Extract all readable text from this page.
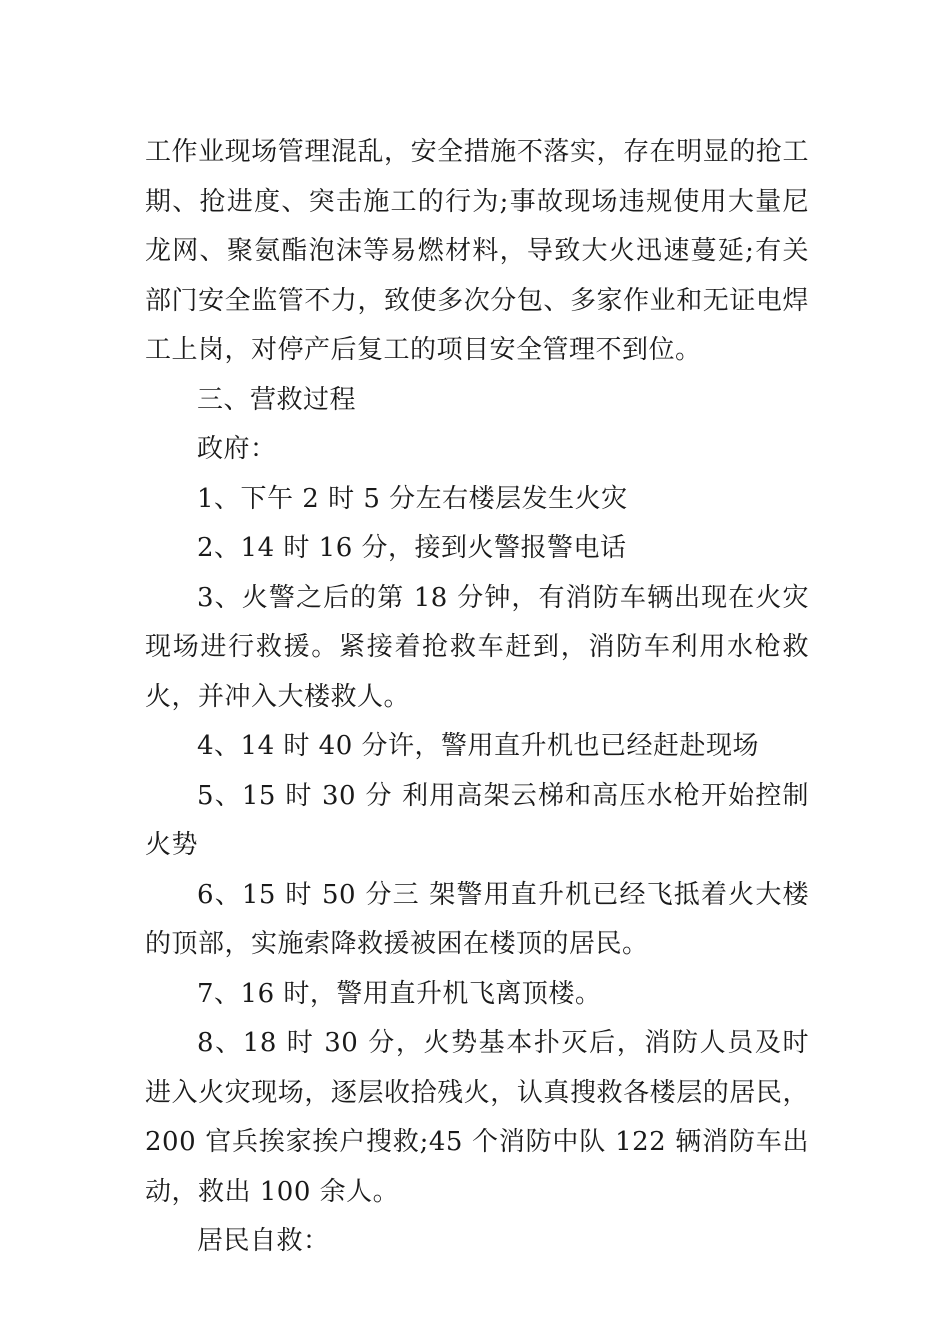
工作业现场管理混乱，安全措施不落实，存在明显的抢工期、抢进度、突击施工的行为;事故现场违规使用大量尼龙网、聚氨酯泡沫等易燃材料，导致大火迅速蔓延;有关部门安全监管不力，致使多次分包、多家作业和无证电焊工上岗，对停产后复工的项目安全管理不到位。

三、营救过程

政府：

1、下午 2 时 5 分左右楼层发生火灾

2、14 时 16 分，接到火警报警电话

3、火警之后的第 18 分钟，有消防车辆出现在火灾现场进行救援。紧接着抢救车赶到，消防车利用水枪救火，并冲入大楼救人。

4、14 时 40 分许，警用直升机也已经赶赴现场

5、15 时 30 分 利用高架云梯和高压水枪开始控制火势

6、15 时 50 分三 架警用直升机已经飞抵着火大楼的顶部，实施索降救援被困在楼顶的居民。

7、16 时，警用直升机飞离顶楼。

8、18 时 30 分，火势基本扑灭后，消防人员及时进入火灾现场，逐层收拾残火，认真搜救各楼层的居民，200 官兵挨家挨户搜救;45 个消防中队 122 辆消防车出动，救出 100 余人。

居民自救：
